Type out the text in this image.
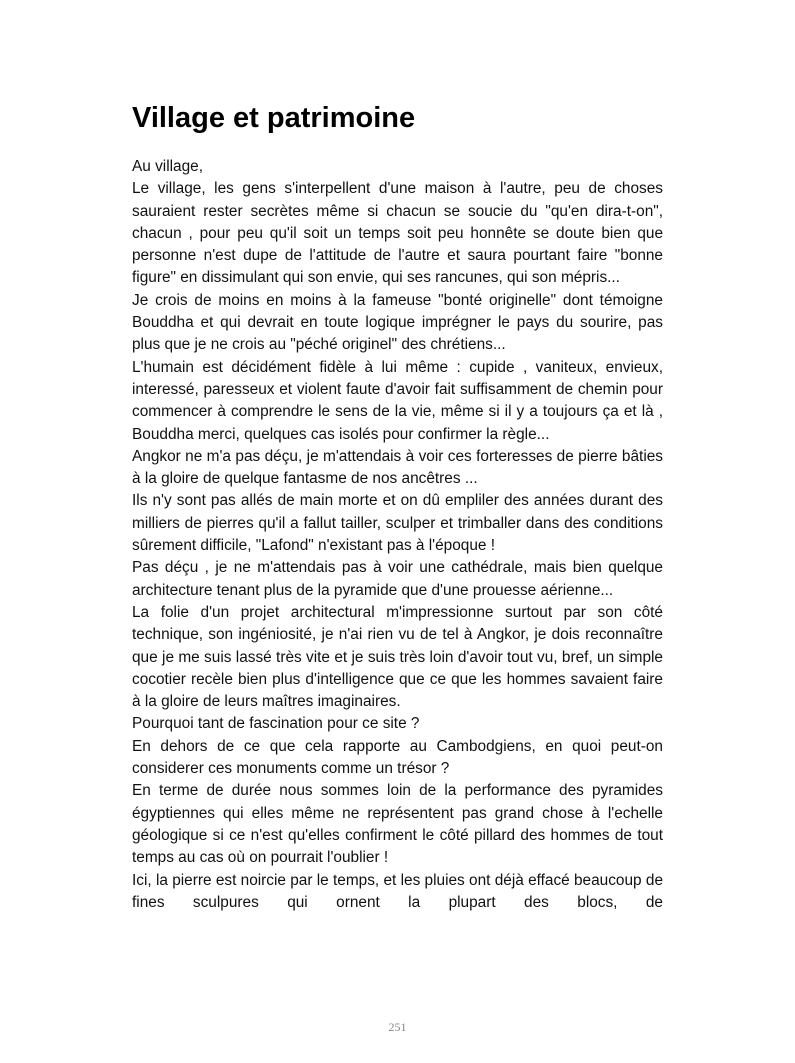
Village et patrimoine

Au village,

Le village, les gens s'interpellent d'une maison à l'autre, peu de choses sauraient rester secrètes même si chacun se soucie du "qu'en dira-t-on", chacun , pour peu qu'il soit un temps soit peu honnête se doute bien que personne n'est dupe de l'attitude de l'autre et saura pourtant faire "bonne figure" en dissimulant qui son envie, qui ses rancunes, qui son mépris...

Je crois de moins en moins à la fameuse "bonté originelle" dont témoigne Bouddha et qui devrait en toute logique imprégner le pays du sourire, pas plus que je ne crois au "péché originel" des chrétiens...

L'humain est décidément fidèle à lui même : cupide , vaniteux, envieux, interessé, paresseux et violent faute d'avoir fait suffisamment de chemin pour commencer à comprendre le sens de la vie, même si il y a toujours ça et là , Bouddha merci, quelques cas isolés pour confirmer la règle...

Angkor ne m'a pas déçu, je m'attendais à voir ces forteresses de pierre bâties à la gloire de quelque fantasme de nos ancêtres ...

Ils n'y sont pas allés de main morte et on dû empliler des années durant des milliers de pierres qu'il a fallut tailler, sculper et trimballer dans des conditions sûrement difficile, "Lafond" n'existant pas à l'époque !

Pas déçu , je ne m'attendais pas à voir une cathédrale, mais bien quelque architecture tenant plus de la pyramide que d'une prouesse aérienne...

La folie d'un projet architectural m'impressionne surtout par son côté technique, son ingéniosité, je n'ai rien vu de tel à Angkor, je dois reconnaître que je me suis lassé très vite et je suis très loin d'avoir tout vu, bref, un simple cocotier recèle bien plus d'intelligence que ce que les hommes savaient faire à la gloire de leurs maîtres imaginaires.

Pourquoi tant de fascination pour ce site ?

En dehors de ce que cela rapporte au Cambodgiens, en quoi peut-on considerer ces monuments comme un trésor ?

En terme de durée nous sommes loin de la performance des pyramides égyptiennes qui elles même ne représentent pas grand chose à l'echelle géologique si ce n'est qu'elles confirment le côté pillard des hommes de tout temps au cas où on pourrait l'oublier !

Ici, la pierre est noircie par le temps, et les pluies ont déjà effacé beaucoup de fines sculpures qui ornent la plupart des blocs, de

251
